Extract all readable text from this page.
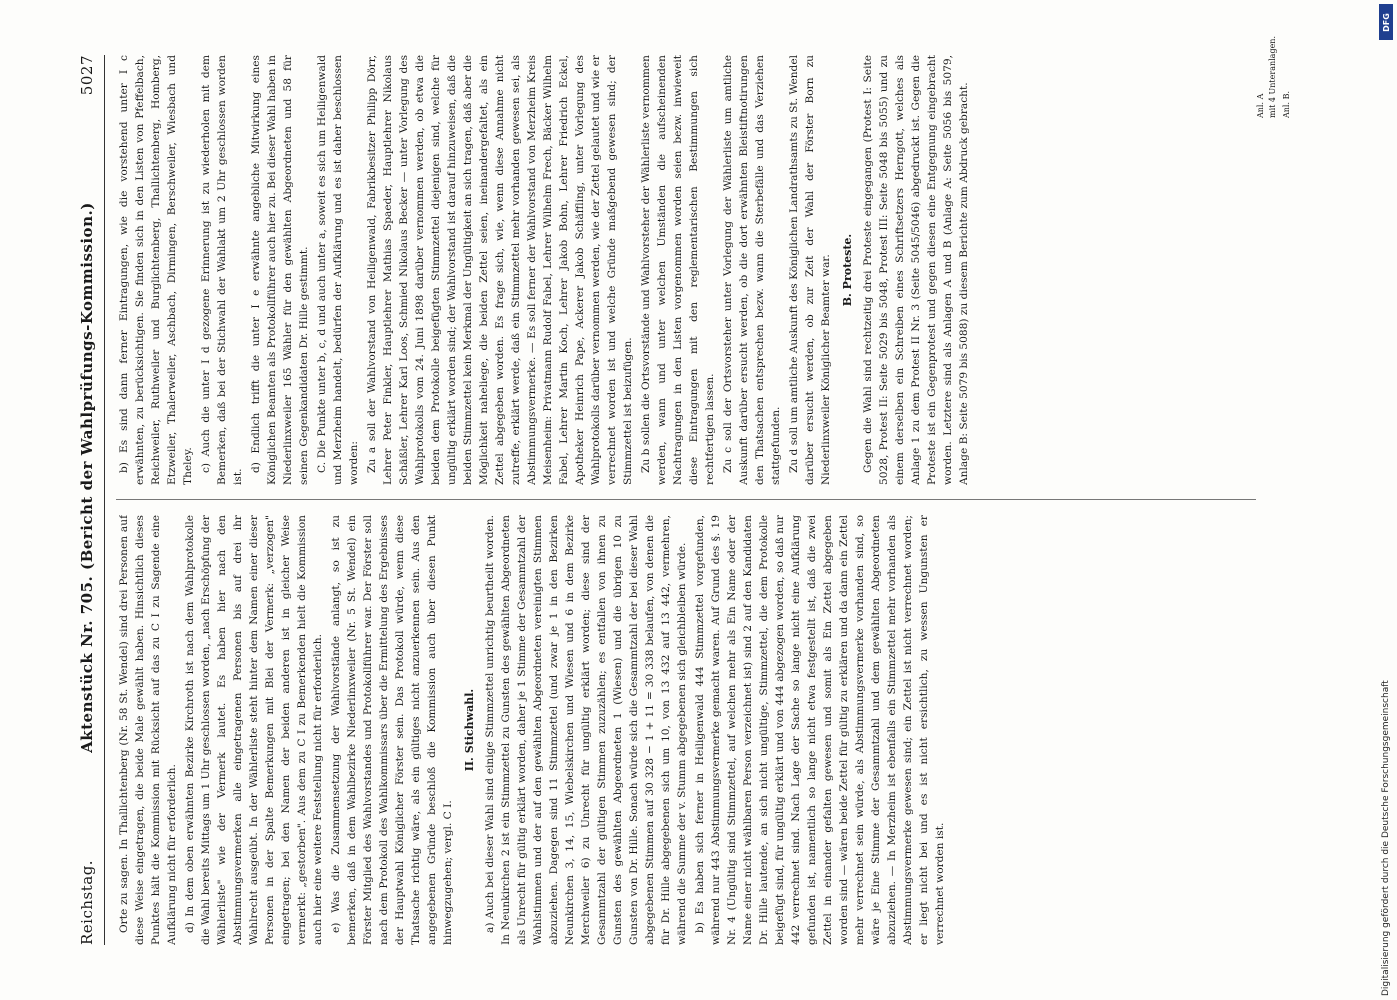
Reichstag.
Aktenstück Nr. 705. (Bericht der Wahlprüfungs-Kommission.)
5027

Orte zu sagen. In Thallichtenberg (Nr. 58 St. Wendel) sind drei Personen auf diese Weise eingetragen, die beide Male gewählt haben. Hinsichtlich dieses Punktes hält die Kommission mit Rücksicht auf das zu C I zu Sagende eine Aufklärung nicht für erforderlich. d) In dem oben erwähnten Bezirke Kirchroth ist nach dem Wahlprotokolle die Wahl bereits Mittags um 1 Uhr geschlossen worden, „nach Erschöpfung der Wählerliste" wie der Vermerk lautet. Es haben hier nach den Abstimmungsvermerken alle eingetragenen Personen bis auf drei ihr Wahlrecht ausgeübt. In der Wählerliste steht hinter dem Namen einer dieser Personen in der Spalte Bemerkungen mit Blei der Vermerk: „verzogen" eingetragen; bei den Namen der beiden anderen ist in gleicher Weise vermerkt: „gestorben". Aus dem zu C I zu Bemerkenden hielt die Kommission auch hier eine weitere Feststellung nicht für erforderlich. e) Was die Zusammensetzung der Wahlvorstände anlangt, so ist zu bemerken, daß in dem Wahlbezirke Niederlinxweiler (Nr. 5 St. Wendel) ein Förster Mitglied des Wahlvorstandes und Protokollführer war. Der Förster soll nach dem Protokoll des Wahlkommissars über die Ermittelung des Ergebnisses der Hauptwahl Königlicher Förster sein. Das Protokoll würde, wenn diese Thatsache richtig wäre, als ein gültiges nicht anzuerkennen sein. Aus den angegebenen Gründe beschloß die Kommission auch über diesen Punkt hinwegzugehen; vergl. C I.

II. Stichwahl. a) Auch bei dieser Wahl sind einige Stimmzettel unrichtig beurtheilt worden. In Neunkirchen 2 ist ein Stimmzettel zu Gunsten des gewählten Abgeordneten als Unrecht für gültig erklärt worden, daher je 1 Stimme der Gesammtzahl der Wahlstimmen und der auf den gewählten Abgeordneten vereinigten Stimmen abzuziehen. Dagegen sind 11 Stimmzettel (und zwar je 1 in den Bezirken Neunkirchen 3, 14, 15, Wiebelskirchen und Wiesen und 6 in dem Bezirke Merchweiler 6) zu Unrecht für ungültig erklärt worden; diese sind der Gesammtzahl der gültigen Stimmen zuzuzählen; es entfallen von ihnen zu Gunsten des gewählten Abgeordneten 1 (Wiesen) und die übrigen 10 zu Gunsten von Dr. Hille. Sonach würde sich die Gesammtzahl der bei dieser Wahl abgegebenen Stimmen auf 30 328 − 1 + 11 = 30 338 belaufen, von denen die für Dr. Hille abgegebenen sich um 10, von 13 432 auf 13 442, vermehren, während die Summe der v. Stumm abgegebenen sich gleichbleiben würde. b) Es haben sich ferner in Heiligenwald 444 Stimmzettel vorgefunden, während nur 443 Abstimmungsvermerke gemacht waren. Auf Grund des §. 19 Nr. 4 (Ungültig sind Stimmzettel, auf welchen mehr als Ein Name oder der Name einer nicht wählbaren Person verzeichnet ist) sind 2 auf den Kandidaten Dr. Hille lautende, an sich nicht ungültige, Stimmzettel, die dem Protokolle beigefügt sind, für ungültig erklärt und von 444 abgezogen worden, so daß nur 442 verrechnet sind. Nach Lage der Sache so lange nicht eine Aufklärung gefunden ist, namentlich so lange nicht etwa festgestellt ist, daß die zwei Zettel in einander gefalten gewesen und somit als Ein Zettel abgegeben worden sind — wären beide Zettel für gültig zu erklären und da dann ein Zettel mehr verrechnet sein würde, als Abstimmungsvermerke vorhanden sind, so wäre je Eine Stimme der Gesammtzahl und dem gewählten Abgeordneten abzuziehen. — In Merzheim ist ebenfalls ein Stimmzettel mehr vorhanden als Abstimmungsvermerke gewesen sind; ein Zettel ist nicht verrechnet worden; er liegt nicht bei und es ist nicht ersichtlich, zu wessen Ungunsten er verrechnet worden ist.

b) Es sind dann ferner Eintragungen, wie die vorstehend unter I c erwähnten, zu berücksichtigen. Sie finden sich in den Listen von Pfeffelbach, Reichweiler, Ruthweiler und Burglichtenberg, Thallichtenberg, Homberg, Etzweiler, Thalerweiler, Aschbach, Dirmingen, Berschweiler, Wiesbach und Theley. c) Auch die unter I d gezogene Erinnerung ist zu wiederholen mit dem Bemerken, daß bei der Stichwahl der Wahlakt um 2 Uhr geschlossen worden ist.

d) Endlich trifft die unter I e erwähnte angebliche Mitwirkung eines Königlichen Beamten als Protokollführer auch hier zu. Bei dieser Wahl haben in Niederlinxweiler 165 Wähler für den gewählten Abgeordneten und 58 für seinen Gegenkandidaten Dr. Hille gestimmt. C. Die Punkte unter b, c, d und auch unter a, soweit es sich um Heiligenwald und Merzheim handelt, bedürfen der Aufklärung und es ist daher beschlossen worden: Zu a soll der Wahlvorstand von Heiligenwald, Fabrikbesitzer Philipp Dörr, Lehrer Peter Finkler, Hauptlehrer Mathias Spaeder, Hauptlehrer Nikolaus Schäßler, Lehrer Karl Loos, Schmied Nikolaus Becker — unter Vorlegung des Wahlprotokolls vom 24. Juni 1898 darüber vernommen werden, ob etwa die beiden dem Protokolle beigefügten Stimmzettel diejenigen sind, welche für ungültig erklärt worden sind; der Wahlvorstand ist darauf hinzuweisen, daß die beiden Stimmzettel kein Merkmal der Ungültigkeit an sich tragen, daß aber die Möglichkeit naheliege, die beiden Zettel seien, ineinandergefaltet, als ein Zettel abgegeben worden. Es frage sich, wie, wenn diese Annahme nicht zutreffe, erklärt werde, daß ein Stimmzettel mehr vorhanden gewesen sei, als Abstimmungsvermerke. — Es soll ferner der Wahlvorstand von Merzheim Kreis Meisenheim: Privatmann Rudolf Fabel, Lehrer Wilhelm Frech, Bäcker Wilhelm Fabel, Lehrer Martin Koch, Lehrer Jakob Bohn, Lehrer Friedrich Eckel, Apotheker Heinrich Pape, Ackerer Jakob Schäffling, unter Vorlegung des Wahlprotokolls darüber vernommen werden, wie der Zettel gelautet und wie er verrechnet worden ist und welche Gründe maßgebend gewesen sind; der Stimmzettel ist beizufügen. Zu b sollen die Ortsvorstände und Wahlvorsteher der Wählerliste vernommen werden, wann und unter welchen Umständen die aufscheinenden Nachtragungen in den Listen vorgenommen worden seien bezw. inwieweit diese Eintragungen mit den reglementarischen Bestimmungen sich rechtfertigen lassen. Zu c soll der Ortsvorsteher unter Vorlegung der Wählerliste um amtliche Auskunft darüber ersucht werden, ob die dort erwähnten Bleistiftnotirungen den Thatsachen entsprechen bezw. wann die Sterbefälle und das Verziehen stattgefunden. Zu d soll um amtliche Auskunft des Königlichen Landrathsamts zu St. Wendel darüber ersucht werden, ob zur Zeit der Wahl der Förster Born zu Niederlinxweiler Königlicher Beamter war. B. Proteste. Gegen die Wahl sind rechtzeitig drei Proteste eingegangen (Protest I: Seite 5028, Protest II: Seite 5029 bis 5048, Protest III: Seite 5048 bis 5055) und zu einem derselben ein Schreiben eines Schriftsetzers Herngott, welches als Anlage 1 zu dem Protest II Nr. 3 (Seite 5045/5046) abgedruckt ist. Gegen die Proteste ist ein Gegenprotest und gegen diesen eine Entgegnung eingebracht worden. Letztere sind als Anlagen A und B (Anlage A: Seite 5056 bis 5079, Anlage B: Seite 5079 bis 5088) zu diesem Berichte zum Abdruck gebracht.	Anl. A mit 4 Unteranlagen. Anl. B.
DFG
Digitalisierung gefördert durch die Deutsche Forschungsgemeinschaft
